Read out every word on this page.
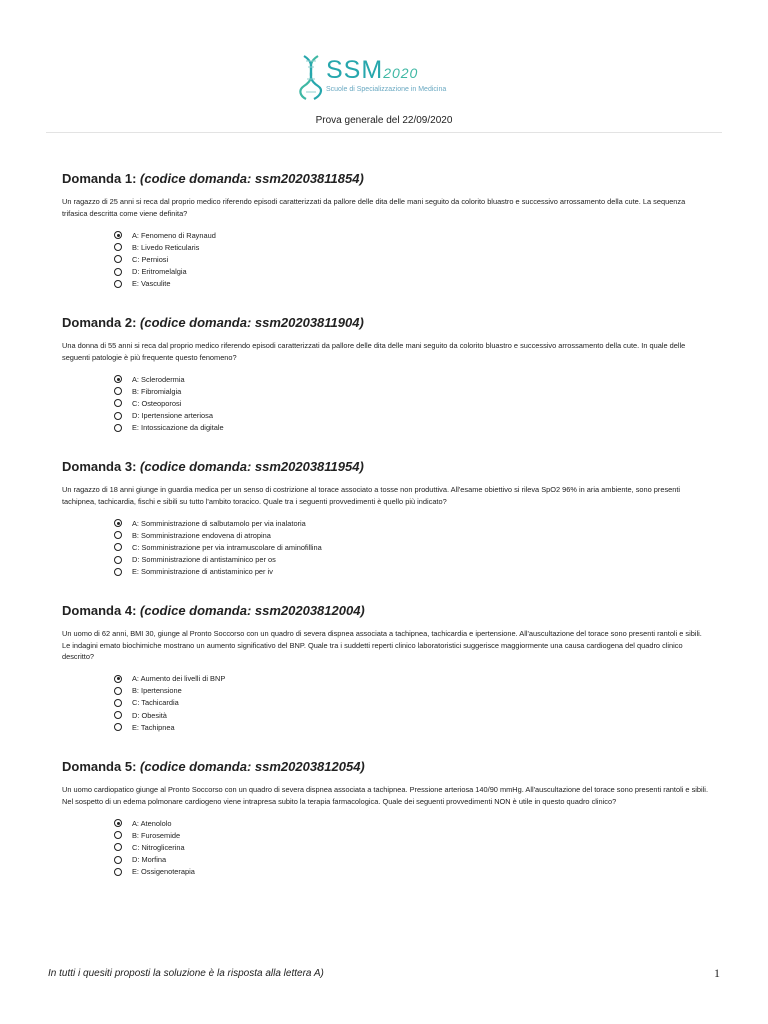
SSM2020
Scuole di Specializzazione in Medicina
Prova generale del 22/09/2020
Domanda 1: (codice domanda: ssm20203811854)

Un ragazzo di 25 anni si reca dal proprio medico riferendo episodi caratterizzati da pallore delle dita delle mani seguito da colorito bluastro e successivo arrossamento della cute. La sequenza trifasica descritta come viene definita?

A: Fenomeno di Raynaud
B: Livedo Reticularis
C: Perniosi
D: Eritromelalgia
E: Vasculite
Domanda 2: (codice domanda: ssm20203811904)

Una donna di 55 anni si reca dal proprio medico riferendo episodi caratterizzati da pallore delle dita delle mani seguito da colorito bluastro e successivo arrossamento della cute. In quale delle seguenti patologie è più frequente questo fenomeno?

A: Sclerodermia
B: Fibromialgia
C: Osteoporosi
D: Ipertensione arteriosa
E: Intossicazione da digitale
Domanda 3: (codice domanda: ssm20203811954)

Un ragazzo di 18 anni giunge in guardia medica per un senso di costrizione al torace associato a tosse non produttiva. All'esame obiettivo si rileva SpO2 96% in aria ambiente, sono presenti tachipnea, tachicardia, fischi e sibili su tutto l'ambito toracico. Quale tra i seguenti provvedimenti è quello più indicato?

A: Somministrazione di salbutamolo per via inalatoria
B: Somministrazione endovena di atropina
C: Somministrazione per via intramuscolare di aminofillina
D: Somministrazione di antistaminico per os
E: Somministrazione di antistaminico per iv
Domanda 4: (codice domanda: ssm20203812004)

Un uomo di 62 anni, BMI 30, giunge al Pronto Soccorso con un quadro di severa dispnea associata a tachipnea, tachicardia e ipertensione. All'auscultazione del torace sono presenti rantoli e sibili. Le indagini emato biochimiche mostrano un aumento significativo del BNP. Quale tra i suddetti reperti clinico laboratoristici suggerisce maggiormente una causa cardiogena del quadro clinico descritto?

A: Aumento dei livelli di BNP
B: Ipertensione
C: Tachicardia
D: Obesità
E: Tachipnea
Domanda 5: (codice domanda: ssm20203812054)

Un uomo cardiopatico giunge al Pronto Soccorso con un quadro di severa dispnea associata a tachipnea. Pressione arteriosa 140/90 mmHg. All'auscultazione del torace sono presenti rantoli e sibili. Nel sospetto di un edema polmonare cardiogeno viene intrapresa subito la terapia farmacologica. Quale dei seguenti provvedimenti NON è utile in questo quadro clinico?

A: Atenololo
B: Furosemide
C: Nitroglicerina
D: Morfina
E: Ossigenoterapia
In tutti i quesiti proposti la soluzione è la risposta alla lettera A)	1
